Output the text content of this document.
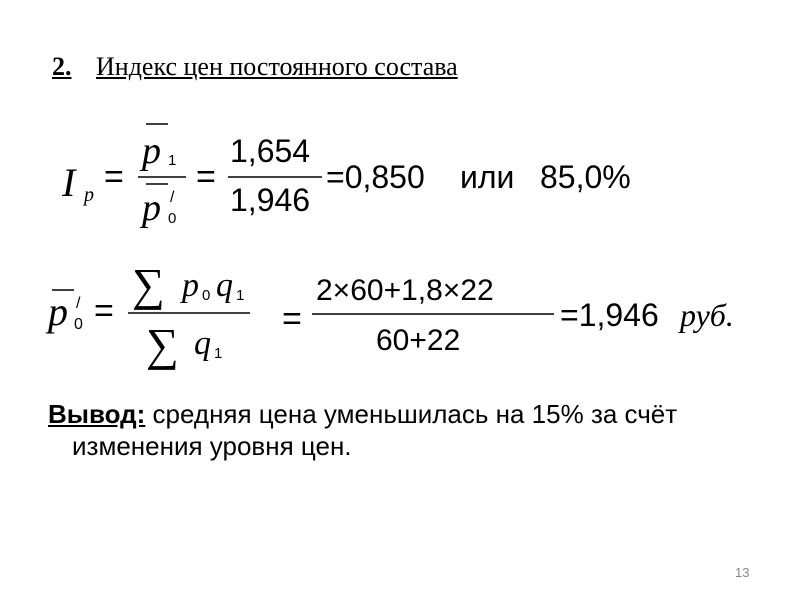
2. Индекс цен постоянного состава
I p =
p 1
/
p 0
=
1,654
1,946
=0,850 или 85,0%
/
p 0 =
∑ p 0 q 1
∑ q 1
=
2×60+1,8×22
60+22
=1,946 руб.
Вывод: средняя цена уменьшилась на 15% за счёт
изменения уровня цен.
13
